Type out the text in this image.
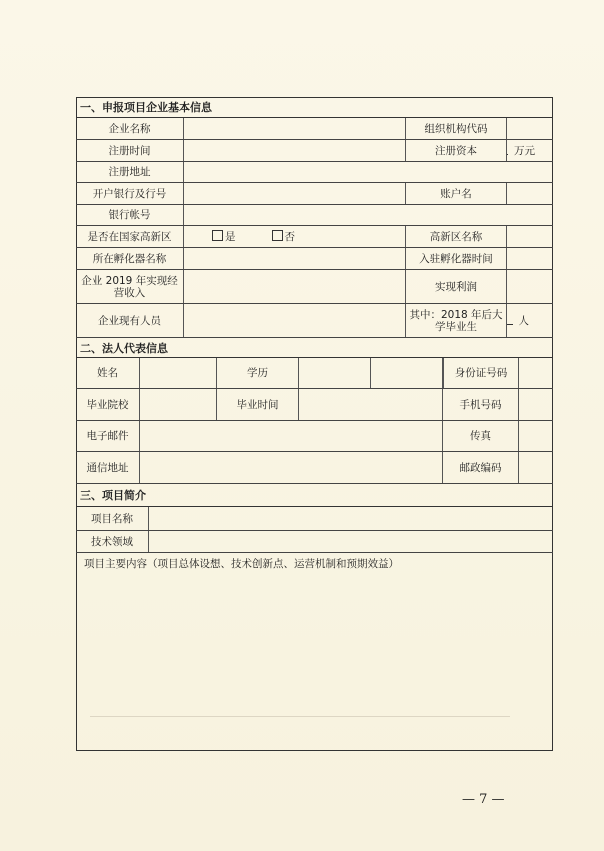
一、申报项目企业基本信息
企业名称	组织机构代码
注册时间	注册资本	万元
注册地址
开户银行及行号	账户名
银行帐号
是否在国家高新区	是	否	高新区名称
所在孵化器名称	入驻孵化器时间
企业 2019 年实现经营收入	实现利润
企业现有人员	其中：2018 年后大学毕业生	人
二、法人代表信息
姓名	学历	身份证号码
毕业院校	毕业时间	手机号码
电子邮件	传真
通信地址	邮政编码
三、项目简介
项目名称
技术领域
项目主要内容（项目总体设想、技术创新点、运营机制和预期效益）
— 7 —
